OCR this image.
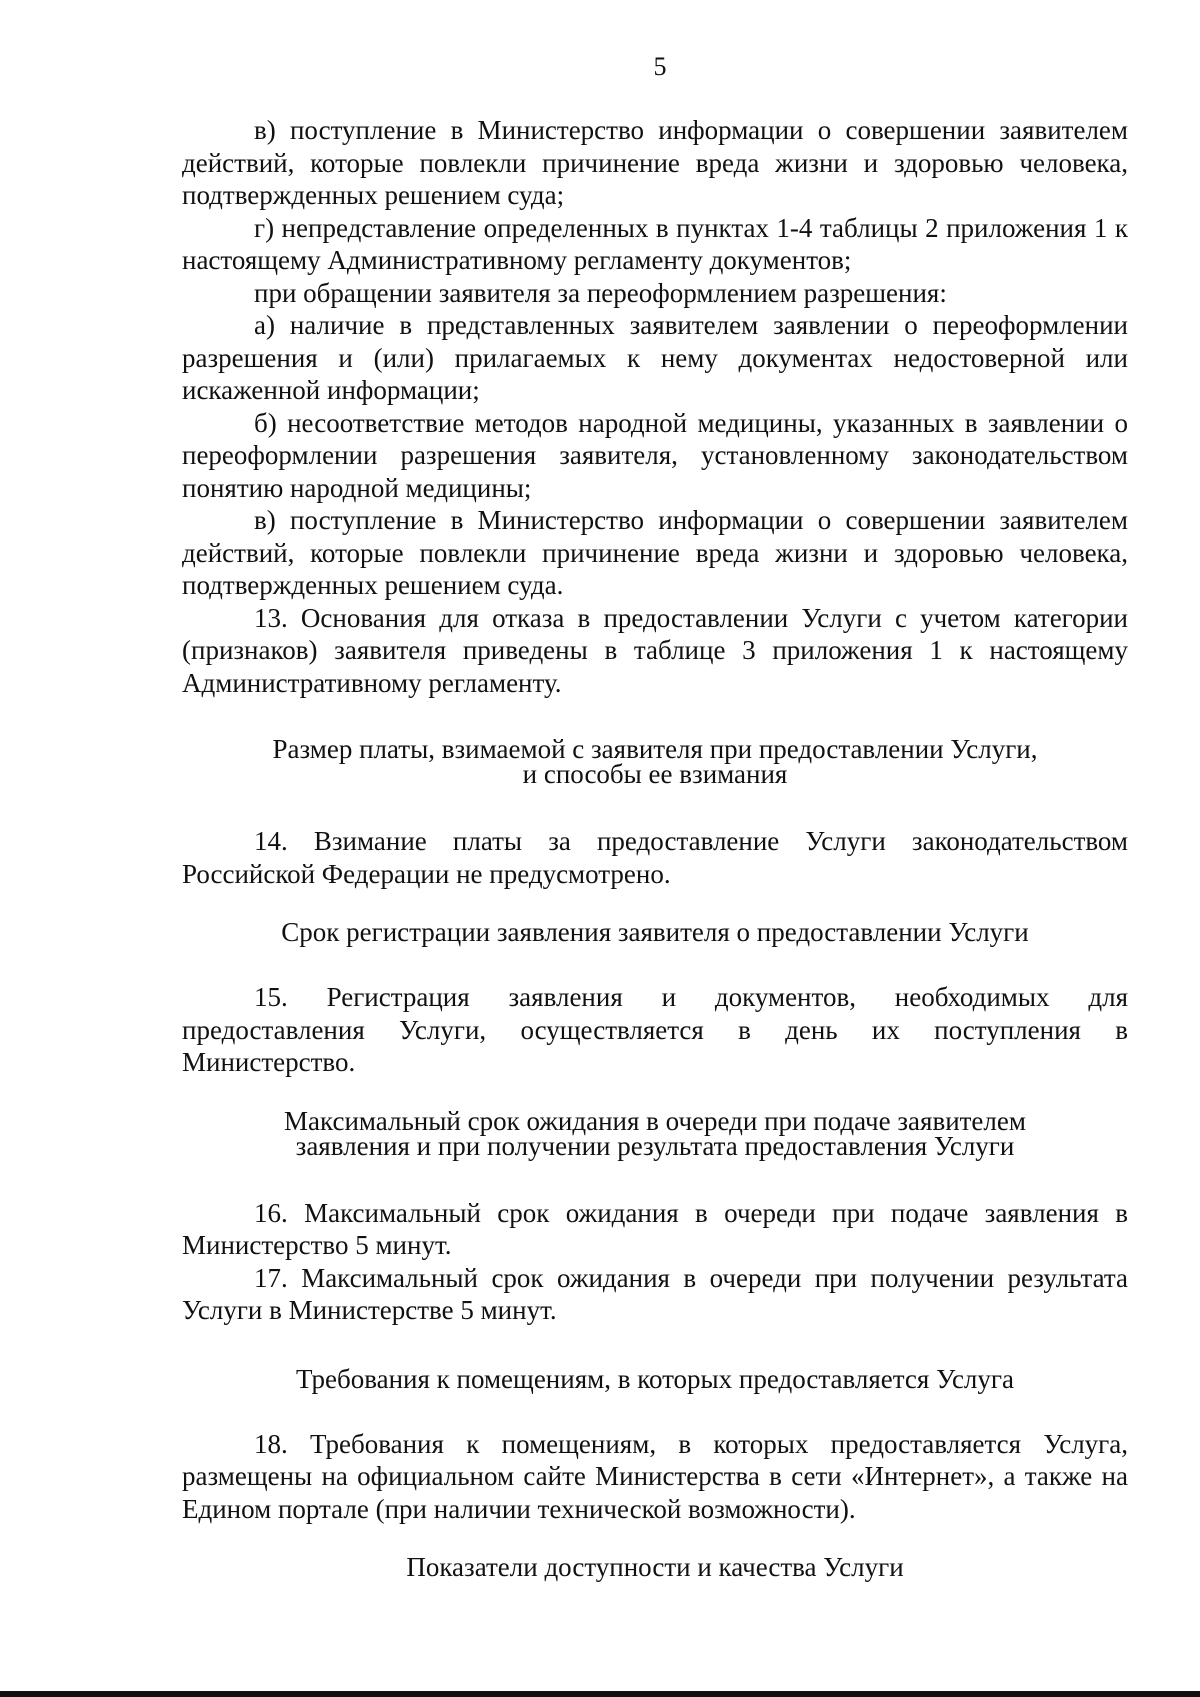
5

в) поступление в Министерство информации о совершении заявителем действий, которые повлекли причинение вреда жизни и здоровью человека, подтвержденных решением суда;

г) непредставление определенных в пунктах 1-4 таблицы 2 приложения 1 к настоящему Административному регламенту документов;

при обращении заявителя за переоформлением разрешения:

а) наличие в представленных заявителем заявлении о переоформлении разрешения и (или) прилагаемых к нему документах недостоверной или искаженной информации;

б) несоответствие методов народной медицины, указанных в заявлении о переоформлении разрешения заявителя, установленному законодательством понятию народной медицины;

в) поступление в Министерство информации о совершении заявителем действий, которые повлекли причинение вреда жизни и здоровью человека, подтвержденных решением суда.

13. Основания для отказа в предоставлении Услуги с учетом категории (признаков) заявителя приведены в таблице 3 приложения 1 к настоящему Административному регламенту.

Размер платы, взимаемой с заявителя при предоставлении Услуги,
и способы ее взимания

14. Взимание платы за предоставление Услуги законодательством Российской Федерации не предусмотрено.

Срок регистрации заявления заявителя о предоставлении Услуги

15. Регистрация заявления и документов, необходимых для

предоставления Услуги, осуществляется в день их поступления в

Министерство.

Максимальный срок ожидания в очереди при подаче заявителем
заявления и при получении результата предоставления Услуги

16. Максимальный срок ожидания в очереди при подаче заявления в Министерство 5 минут.

17. Максимальный срок ожидания в очереди при получении результата Услуги в Министерстве 5 минут.

Требования к помещениям, в которых предоставляется Услуга

18. Требования к помещениям, в которых предоставляется Услуга, размещены на официальном сайте Министерства в сети «Интернет», а также на Едином портале (при наличии технической возможности).

Показатели доступности и качества Услуги
